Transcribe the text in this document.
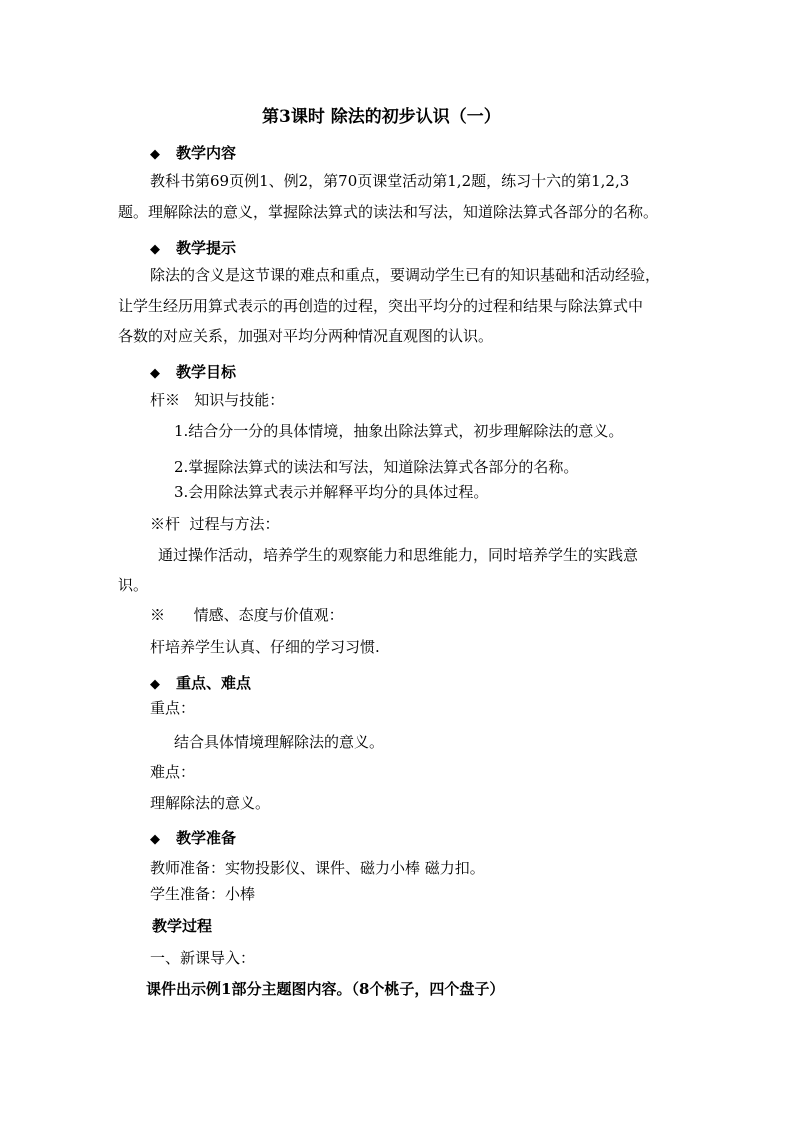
第3课时 除法的初步认识（一）
◆ 教学内容
教科书第69页例1、例2，第70页课堂活动第1,2题，练习十六的第1,2,3
题。理解除法的意义，掌握除法算式的读法和写法，知道除法算式各部分的名称。
◆ 教学提示
除法的含义是这节课的难点和重点，要调动学生已有的知识基础和活动经验，
让学生经历用算式表示的再创造的过程，突出平均分的过程和结果与除法算式中
各数的对应关系，加强对平均分两种情况直观图的认识。
◆ 教学目标
杆※   知识与技能：
1.结合分一分的具体情境，抽象出除法算式，初步理解除法的意义。
2.掌握除法算式的读法和写法，知道除法算式各部分的名称。
3.会用除法算式表示并解释平均分的具体过程。
※杆  过程与方法：
通过操作活动，培养学生的观察能力和思维能力，同时培养学生的实践意
识。
※      情感、态度与价值观：
杆培养学生认真、仔细的学习习惯.
◆ 重点、难点
重点：
结合具体情境理解除法的意义。
难点：
理解除法的意义。
◆ 教学准备
教师准备：实物投影仪、课件、磁力小棒 磁力扣。
学生准备：小棒
教学过程
一、新课导入：
课件出示例1部分主题图内容。（8个桃子，四个盘子）
